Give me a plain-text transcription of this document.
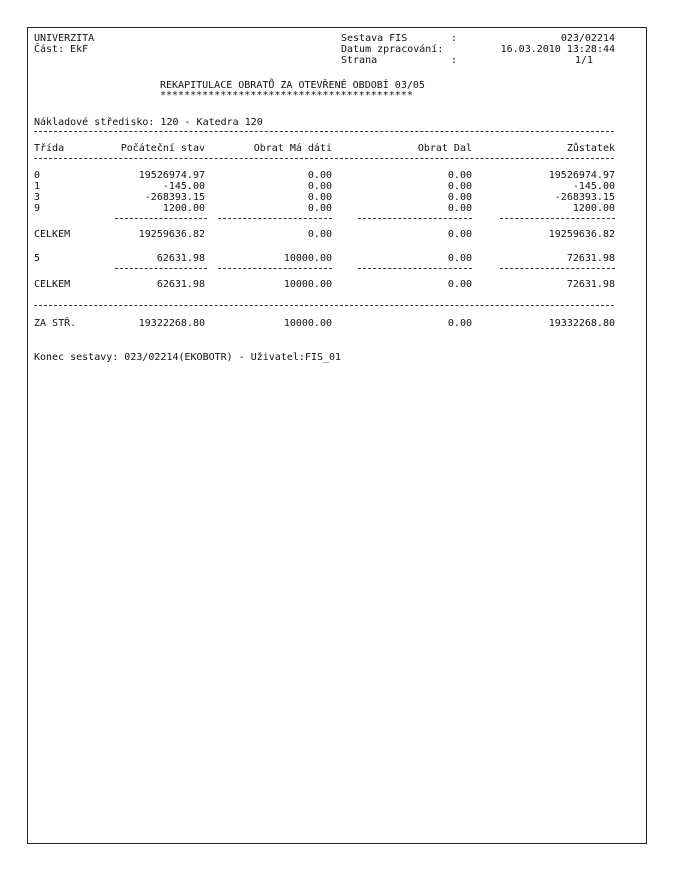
UNIVERZITA
Část: EkF
Sestava FIS	:	023/02214
Datum zpracování:	16.03.2010 13:28:44
Strana	:	1/1
REKAPITULACE OBRATŮ ZA OTEVŘENÉ OBDOBÍ 03/05
******************************************
Nákladové středisko: 120 - Katedra 120
Třída	Počáteční stav	Obrat Má dáti	Obrat Dal	Zůstatek
0	19526974.97	0.00	0.00	19526974.97
1	-145.00	0.00	0.00	-145.00
3	-268393.15	0.00	0.00	-268393.15
9	1200.00	0.00	0.00	1200.00
CELKEM	19259636.82	0.00	0.00	19259636.82
5	62631.98	10000.00	0.00	72631.98
CELKEM	62631.98	10000.00	0.00	72631.98
ZA STŘ.	19322268.80	10000.00	0.00	19332268.80
Konec sestavy: 023/02214(EKOBOTR) - Uživatel:FIS_01
